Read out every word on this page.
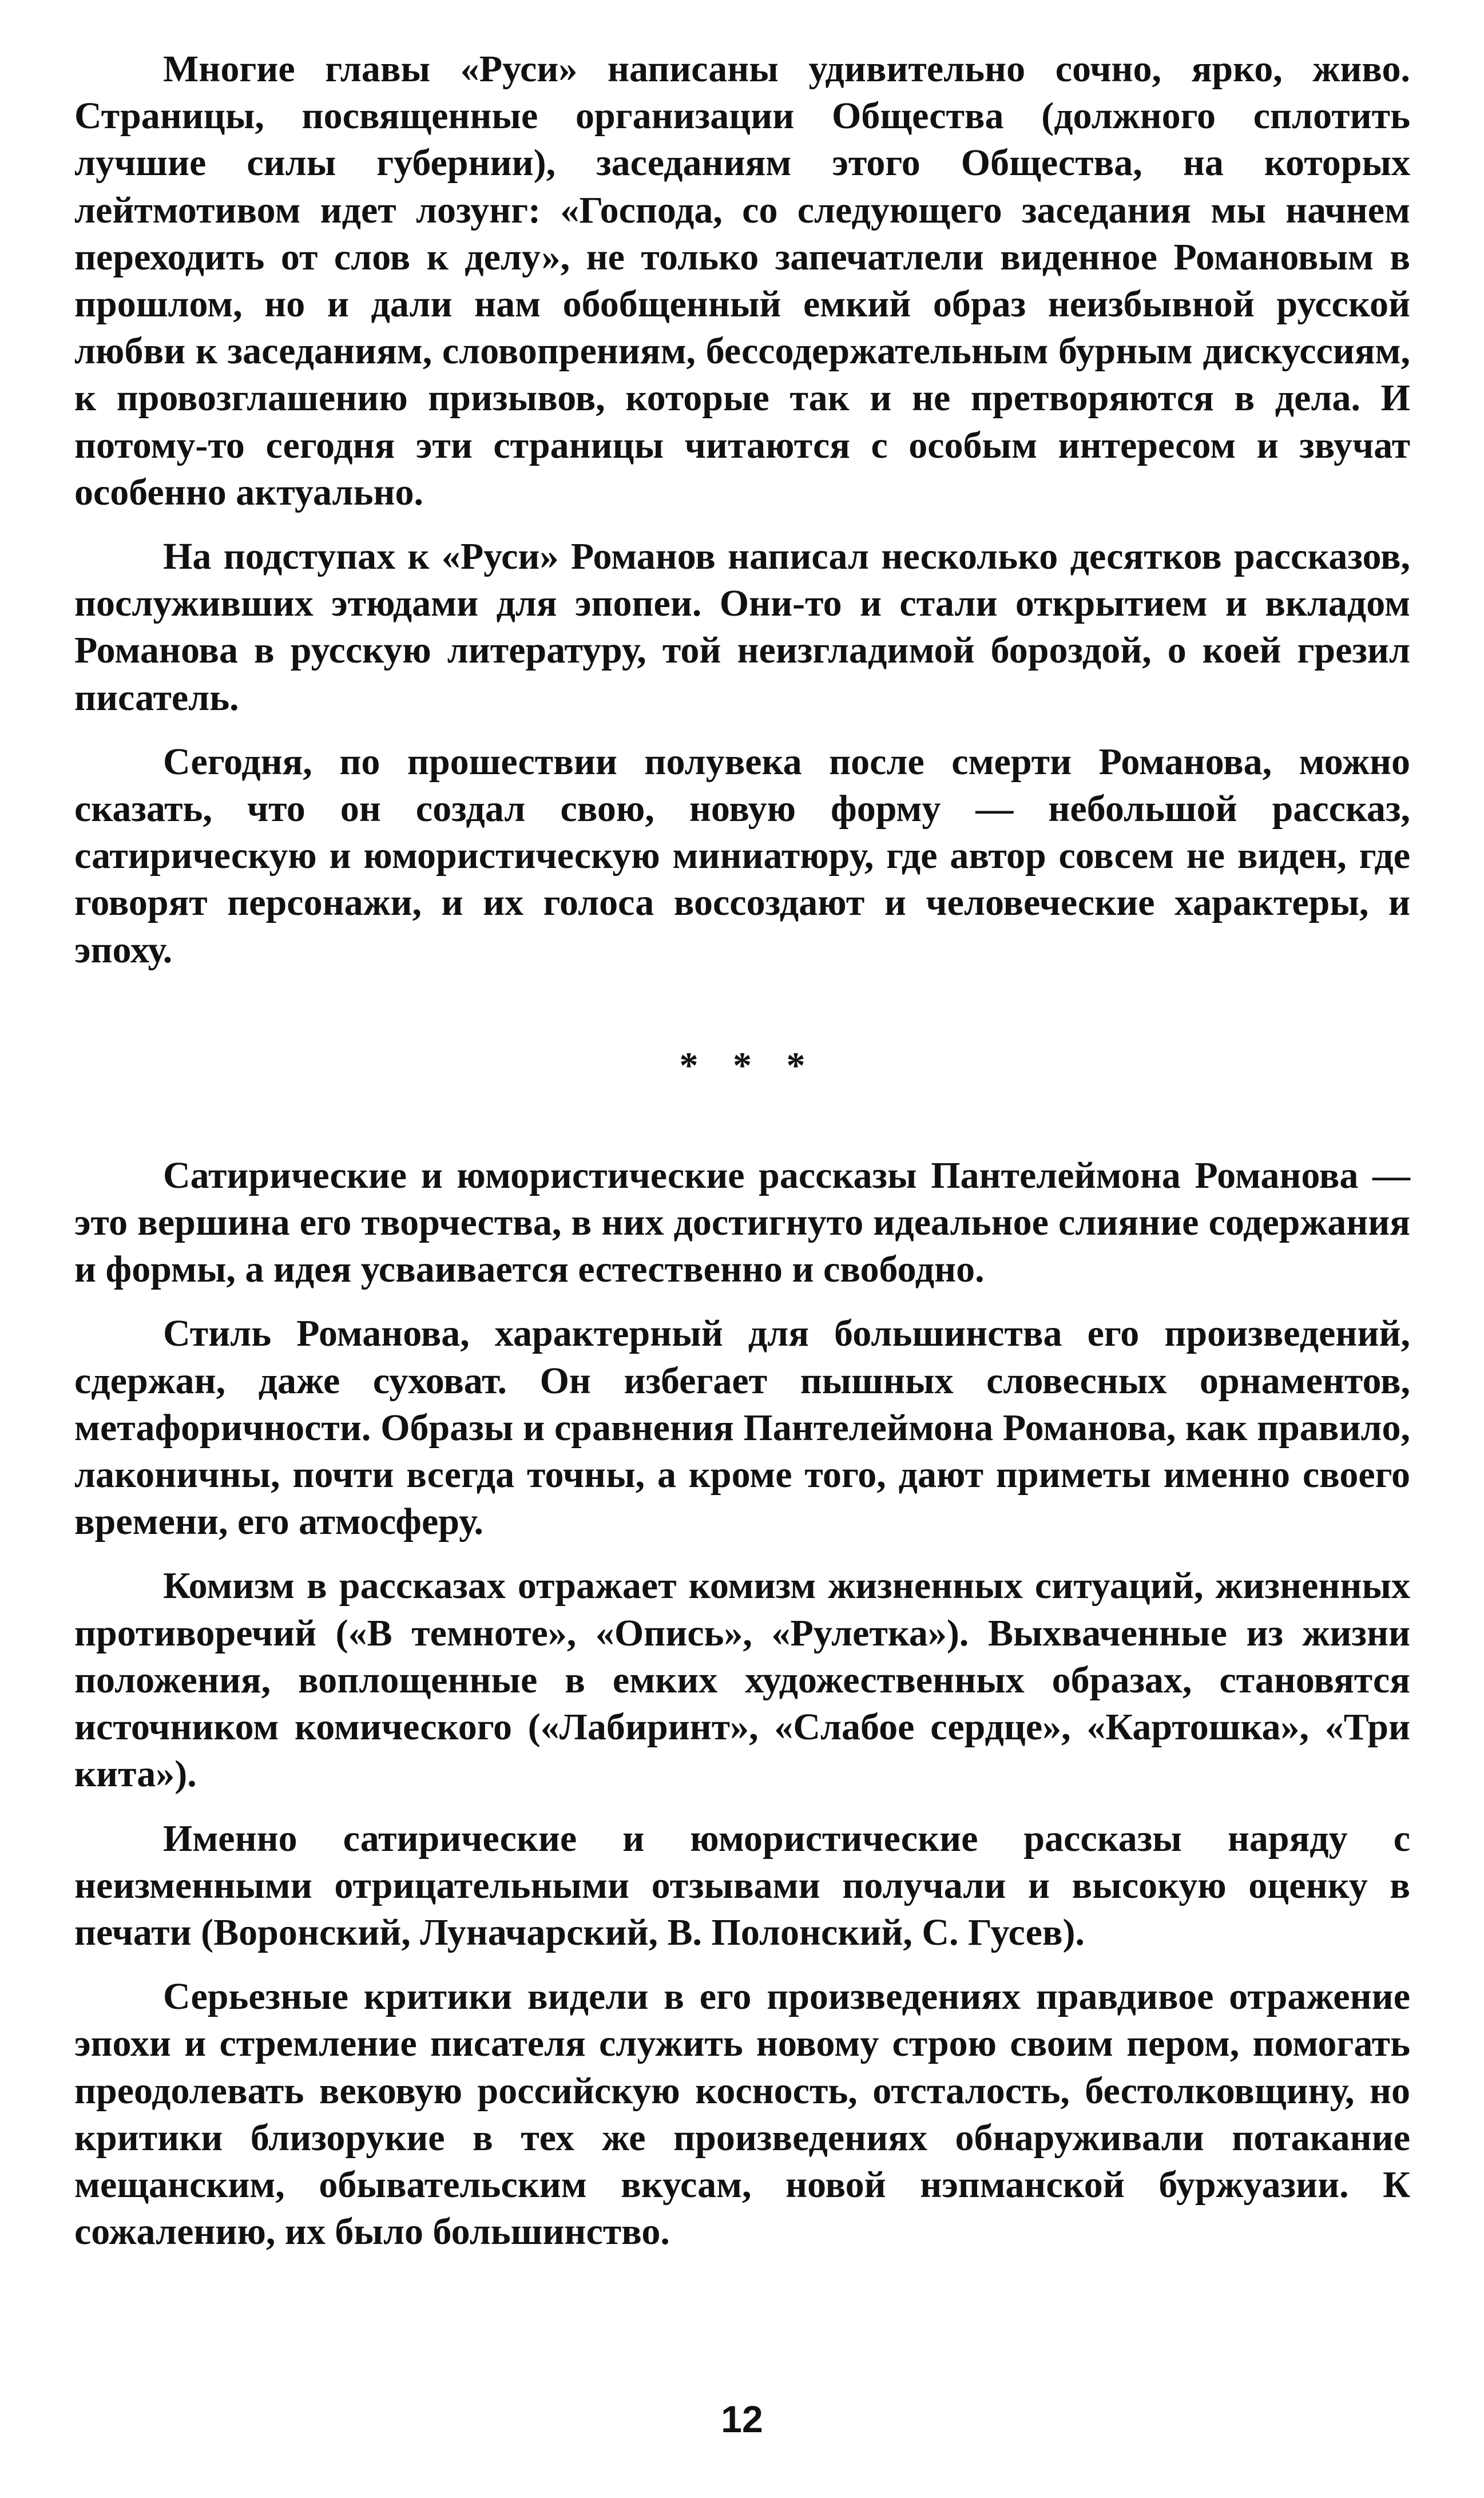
Многие главы «Руси» написаны удивительно сочно, ярко, живо. Страницы, посвященные организации Общества (должного сплотить лучшие силы губернии), заседаниям этого Общества, на которых лейтмотивом идет лозунг: «Господа, со следующего заседания мы начнем переходить от слов к делу», не только запечатлели виденное Романовым в прошлом, но и дали нам обобщенный емкий образ неизбывной русской любви к заседаниям, словопрениям, бессодержательным бурным дискуссиям, к провозглашению призывов, которые так и не претворяются в дела. И потому-то сегодня эти страницы читаются с особым интересом и звучат особенно актуально.

На подступах к «Руси» Романов написал несколько десятков рассказов, послуживших этюдами для эпопеи. Они-то и стали открытием и вкладом Романова в русскую литературу, той неизгладимой бороздой, о коей грезил писатель.

Сегодня, по прошествии полувека после смерти Романова, можно сказать, что он создал свою, новую форму — небольшой рассказ, сатирическую и юмористическую миниатюру, где автор совсем не виден, где говорят персонажи, и их голоса воссоздают и человеческие характеры, и эпоху.

* * *

Сатирические и юмористические рассказы Пантелеймона Романова — это вершина его творчества, в них достигнуто идеальное слияние содержания и формы, а идея усваивается естественно и свободно.

Стиль Романова, характерный для большинства его произведений, сдержан, даже суховат. Он избегает пышных словесных орнаментов, метафоричности. Образы и сравнения Пантелеймона Романова, как правило, лаконичны, почти всегда точны, а кроме того, дают приметы именно своего времени, его атмосферу.

Комизм в рассказах отражает комизм жизненных ситуаций, жизненных противоречий («В темноте», «Опись», «Рулетка»). Выхваченные из жизни положения, воплощенные в емких художественных образах, становятся источником комического («Лабиринт», «Слабое сердце», «Картошка», «Три кита»).

Именно сатирические и юмористические рассказы наряду с неизменными отрицательными отзывами получали и высокую оценку в печати (Воронский, Луначарский, В. Полонский, С. Гусев).

Серьезные критики видели в его произведениях правдивое отражение эпохи и стремление писателя служить новому строю своим пером, помогать преодолевать вековую российскую косность, отсталость, бестолковщину, но критики близорукие в тех же произведениях обнаруживали потакание мещанским, обывательским вкусам, новой нэпманской буржуазии. К сожалению, их было большинство.

12
